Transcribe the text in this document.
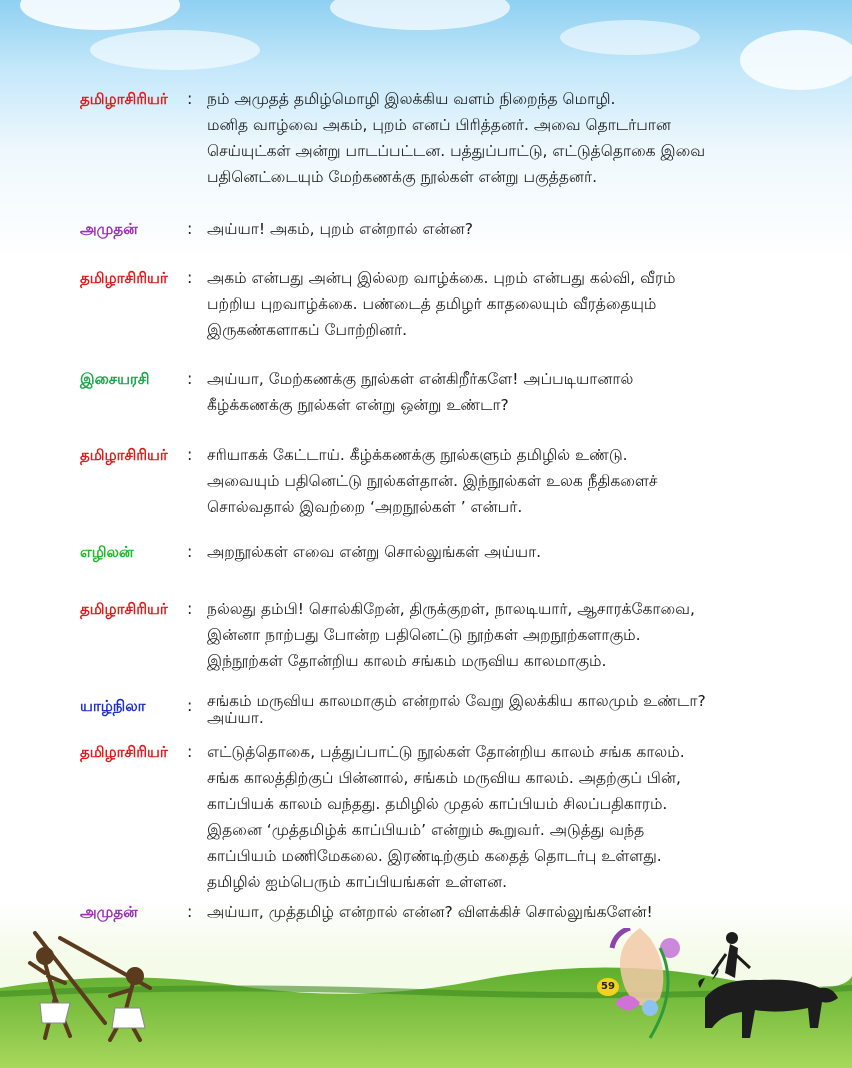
தமிழாசிரியர் : நம் அமுதத் தமிழ்மொழி இலக்கிய வளம் நிறைந்த மொழி.
மனித வாழ்வை அகம், புறம் எனப் பிரித்தனர். அவை தொடர்பான
செய்யுட்கள் அன்று பாடப்பட்டன. பத்துப்பாட்டு, எட்டுத்தொகை இவை
பதினெட்டையும் மேற்கணக்கு நூல்கள் என்று பகுத்தனர்.
அமுதன்	: அய்யா! அகம், புறம் என்றால் என்ன?
தமிழாசிரியர் : அகம் என்பது அன்பு இல்லற வாழ்க்கை. புறம் என்பது கல்வி, வீரம்
பற்றிய புறவாழ்க்கை. பண்டைத் தமிழர் காதலையும் வீரத்தையும்
இருகண்களாகப் போற்றினர்.
இசையரசி : அய்யா, மேற்கணக்கு நூல்கள் என்கிறீர்களே! அப்படியானால்
கீழ்க்கணக்கு நூல்கள் என்று ஒன்று உண்டா?
தமிழாசிரியர் : சரியாகக் கேட்டாய். கீழ்க்கணக்கு நூல்களும் தமிழில் உண்டு.
அவையும் பதினெட்டு நூல்கள்தான். இந்நூல்கள் உலக நீதிகளைச்
சொல்வதால் இவற்றை ‘அறநூல்கள் ’ என்பர்.
எழிலன்	: அறநூல்கள் எவை என்று சொல்லுங்கள் அய்யா.
தமிழாசிரியர் : நல்லது தம்பி! சொல்கிறேன், திருக்குறள், நாலடியார், ஆசாரக்கோவை,
இன்னா நாற்பது போன்ற பதினெட்டு நூற்கள் அறநூற்களாகும்.
இந்நூற்கள் தோன்றிய காலம் சங்கம் மருவிய காலமாகும்.
யாழ்நிலா	: சங்கம் மருவிய காலமாகும் என்றால் வேறு இலக்கிய காலமும் உண்டா?
அய்யா.
தமிழாசிரியர் : எட்டுத்தொகை, பத்துப்பாட்டு நூல்கள் தோன்றிய காலம் சங்க காலம்.
சங்க காலத்திற்குப் பின்னால், சங்கம் மருவிய காலம். அதற்குப் பின்,
காப்பியக் காலம் வந்தது. தமிழில் முதல் காப்பியம் சிலப்பதிகாரம்.
இதனை ‘முத்தமிழ்க் காப்பியம்’ என்றும் கூறுவர். அடுத்து வந்த
காப்பியம் மணிமேகலை. இரண்டிற்கும் கதைத் தொடர்பு உள்ளது.
தமிழில் ஐம்பெரும் காப்பியங்கள் உள்ளன.
அமுதன்	: அய்யா, முத்தமிழ் என்றால் என்ன? விளக்கிச் சொல்லுங்களேன்!
59
